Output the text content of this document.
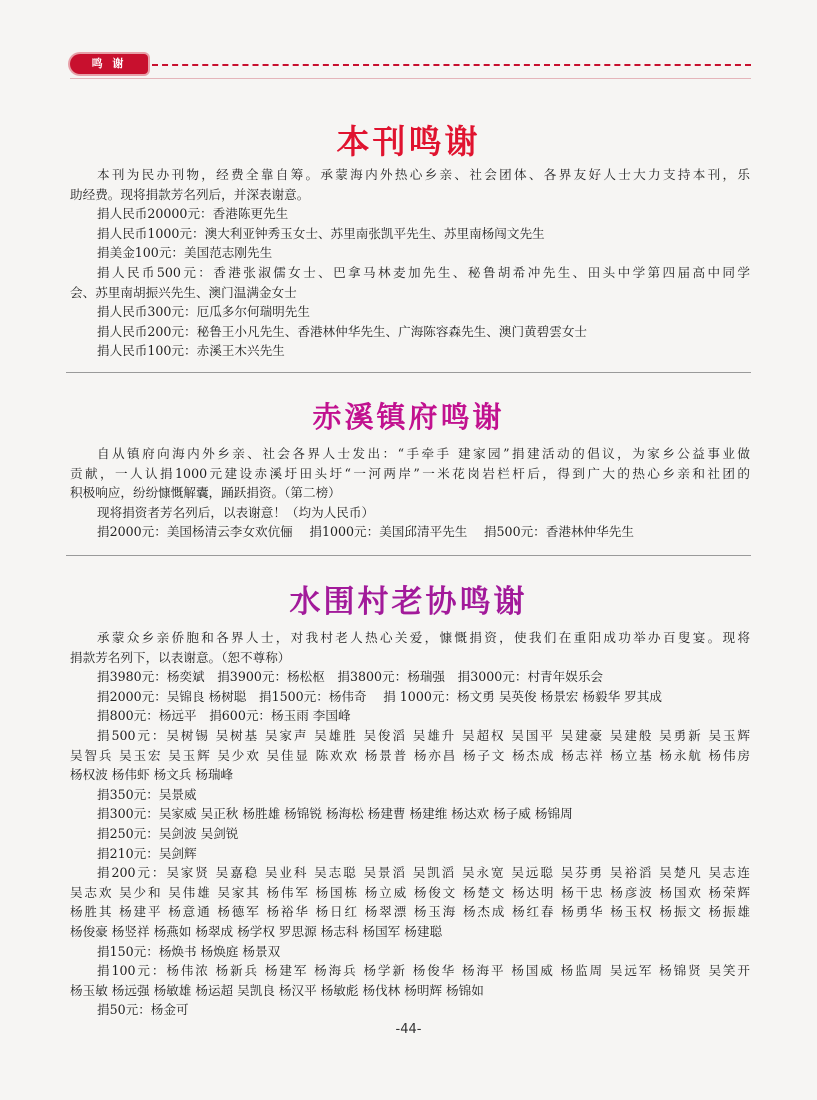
鸣 谢
本刊鸣谢
本刊为民办刊物，经费全靠自筹。承蒙海内外热心乡亲、社会团体、各界友好人士大力支持本刊，乐
助经费。现将捐款芳名列后，并深表谢意。
捐人民币20000元：香港陈更先生
捐人民币1000元：澳大利亚钟秀玉女士、苏里南张凯平先生、苏里南杨闯文先生
捐美金100元：美国范志刚先生
捐人民币500元：香港张淑儒女士、巴拿马林麦加先生、秘鲁胡希冲先生、田头中学第四届高中同学
会、苏里南胡振兴先生、澳门温满金女士
捐人民币300元：厄瓜多尔何瑞明先生
捐人民币200元：秘鲁王小凡先生、香港林仲华先生、广海陈容森先生、澳门黄碧雲女士
捐人民币100元：赤溪王木兴先生
赤溪镇府鸣谢
自从镇府向海内外乡亲、社会各界人士发出：“手牵手 建家园”捐建活动的倡议，为家乡公益事业做
贡献，一人认捐1000元建设赤溪圩田头圩“一河两岸”一米花岗岩栏杆后，得到广大的热心乡亲和社团的
积极响应，纷纷慷慨解囊，踊跃捐资。（第二榜）
现将捐资者芳名列后，以表谢意！（均为人民币）
捐2000元：美国杨清云李女欢伉俪　 捐1000元：美国邱清平先生　 捐500元：香港林仲华先生
水围村老协鸣谢
承蒙众乡亲侨胞和各界人士，对我村老人热心关爱，慷慨捐资，使我们在重阳成功举办百叟宴。现将
捐款芳名列下，以表谢意。（恕不尊称）
捐3980元：杨奕斌　捐3900元：杨松枢　捐3800元：杨瑞强　捐3000元：村青年娱乐会
捐2000元：吴锦良 杨树聪　捐1500元：杨伟奇　 捐 1000元：杨文勇 吴英俊 杨景宏 杨毅华 罗其成
捐800元：杨远平　捐600元：杨玉雨 李国峰
捐500元：吴树锡 吴树基 吴家声 吴雄胜 吴俊滔 吴雄升 吴超权 吴国平 吴建豪 吴建般 吴勇新 吴玉辉
吴智兵 吴玉宏 吴玉辉 吴少欢 吴佳显 陈欢欢 杨景普 杨亦昌 杨子文 杨杰成 杨志祥 杨立基 杨永航 杨伟房
杨权波 杨伟虾 杨文兵 杨瑞峰
捐350元：吴景威
捐300元：吴家威 吴正秋 杨胜雄 杨锦锐 杨海松 杨建曹 杨建维 杨达欢 杨子威 杨锦周
捐250元：吴剑波 吴剑锐
捐210元：吴剑辉
捐200元：吴家贤 吴嘉稳 吴业科 吴志聪 吴景滔 吴凯滔 吴永宽 吴远聪 吴芬勇 吴裕滔 吴楚凡 吴志连
吴志欢 吴少和 吴伟雄 吴家其 杨伟军 杨国栋 杨立威 杨俊文 杨楚文 杨达明 杨干忠 杨彦波 杨国欢 杨荣辉
杨胜其 杨建平 杨意通 杨德军 杨裕华 杨日红 杨翠漂 杨玉海 杨杰成 杨红春 杨勇华 杨玉权 杨振文 杨振雄
杨俊豪 杨竖祥 杨燕如 杨翠成 杨学权 罗思源 杨志科 杨国军 杨建聪
捐150元：杨焕书 杨焕庭 杨景双
捐100元：杨伟浓 杨新兵 杨建军 杨海兵 杨学新 杨俊华 杨海平 杨国威 杨监周 吴远军 杨锦贤 吴笑开
杨玉敏 杨远强 杨敏雄 杨运超 吴凯良 杨汉平 杨敏彪 杨伐林 杨明辉 杨锦如
捐50元：杨金可
-44-
